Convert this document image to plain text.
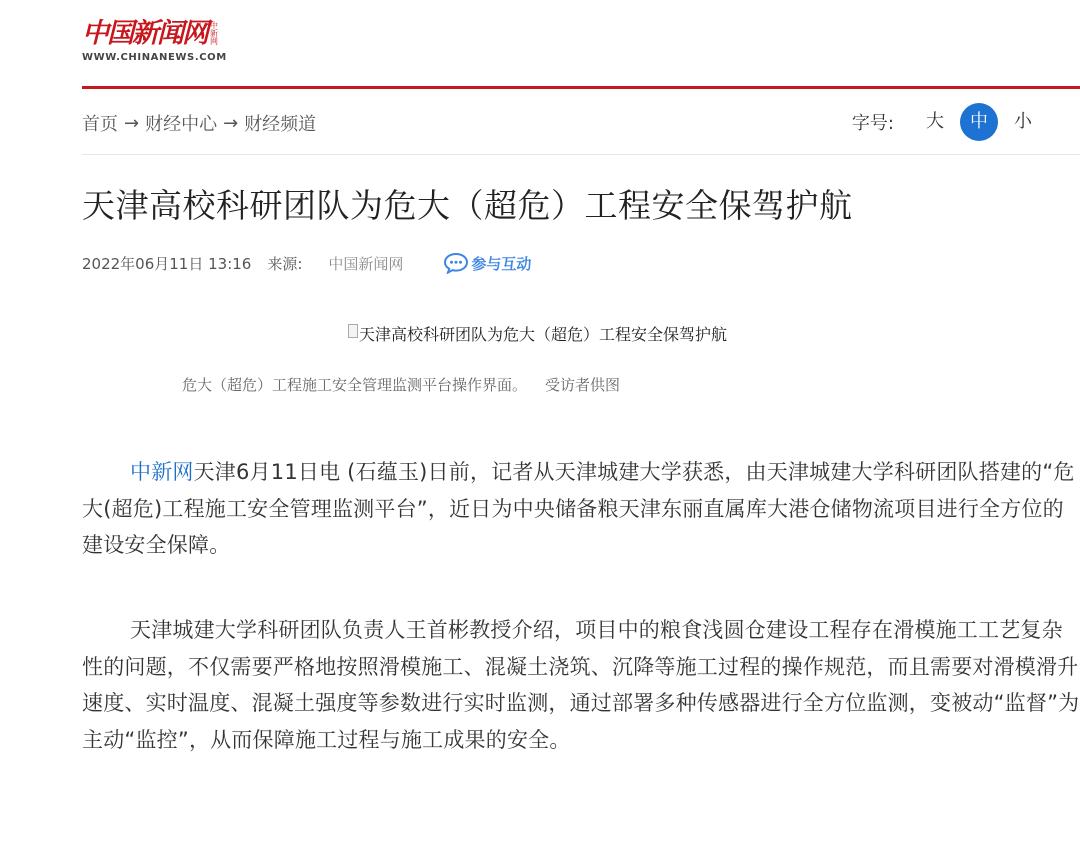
中国新闻网 中新网
WWW.CHINANEWS.COM
首页 → 财经中心 → 财经频道	字号:	大	中	小
天津高校科研团队为危大（超危）工程安全保驾护航
2022年06月11日 13:16 来源: 中国新闻网	参与互动
天津高校科研团队为危大（超危）工程安全保驾护航
危大（超危）工程施工安全管理监测平台操作界面。 受访者供图

中新网天津6月11日电 (石蕴玉)日前，记者从天津城建大学获悉，由天津城建大学科研团队搭建的“危大(超危)工程施工安全管理监测平台”，近日为中央储备粮天津东丽直属库大港仓储物流项目进行全方位的建设安全保障。

天津城建大学科研团队负责人王首彬教授介绍，项目中的粮食浅圆仓建设工程存在滑模施工工艺复杂性的问题，不仅需要严格地按照滑模施工、混凝土浇筑、沉降等施工过程的操作规范，而且需要对滑模滑升速度、实时温度、混凝土强度等参数进行实时监测，通过部署多种传感器进行全方位监测，变被动“监督”为主动“监控”，从而保障施工过程与施工成果的安全。
